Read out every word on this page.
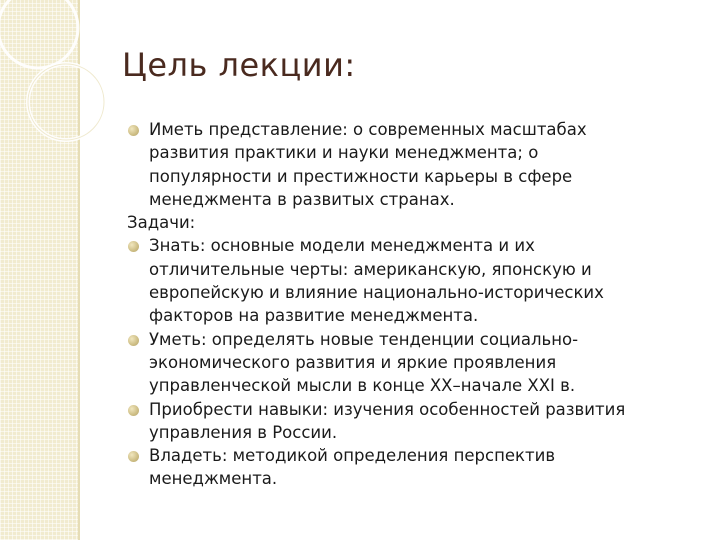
Цель лекции:
Иметь представление: о современных масштабах
развития практики и науки менеджмента; о
популярности и престижности карьеры в сфере
менеджмента в развитых странах.
Задачи:
Знать: основные модели менеджмента и их
отличительные черты: американскую, японскую и
европейскую и влияние национально-исторических
факторов на развитие менеджмента.
Уметь: определять новые тенденции социально-
экономического развития и яркие проявления
управленческой мысли в конце XX–начале XXI в.
Приобрести навыки: изучения особенностей развития
управления в России.
Владеть: методикой определения перспектив
менеджмента.
